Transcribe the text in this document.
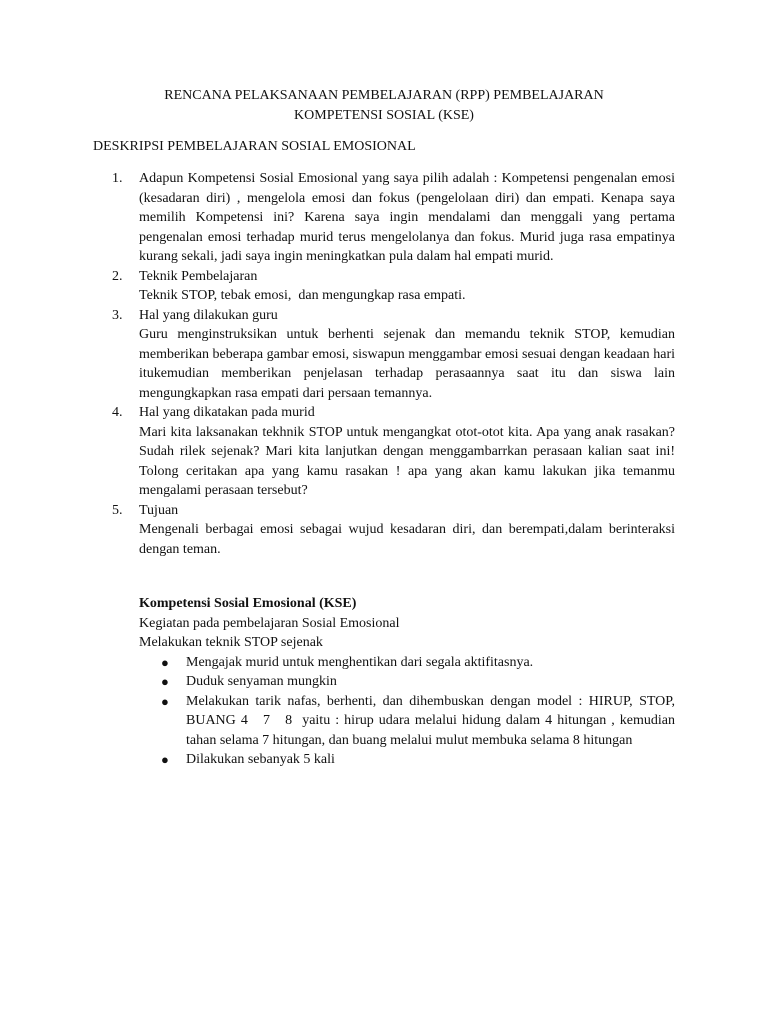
RENCANA PELAKSANAAN PEMBELAJARAN (RPP) PEMBELAJARAN
KOMPETENSI SOSIAL (KSE)
DESKRIPSI PEMBELAJARAN SOSIAL EMOSIONAL
1. Adapun Kompetensi Sosial Emosional yang saya pilih adalah : Kompetensi pengenalan emosi (kesadaran diri) , mengelola emosi dan fokus (pengelolaan diri) dan empati. Kenapa saya memilih Kompetensi ini? Karena saya ingin mendalami dan menggali yang pertama pengenalan emosi terhadap murid terus mengelolanya dan fokus. Murid juga rasa empatinya kurang sekali, jadi saya ingin meningkatkan pula dalam hal empati murid.
2. Teknik Pembelajaran
Teknik STOP, tebak emosi,  dan mengungkap rasa empati.
3. Hal yang dilakukan guru
Guru menginstruksikan untuk berhenti sejenak dan memandu teknik STOP, kemudian memberikan beberapa gambar emosi, siswapun menggambar emosi sesuai dengan keadaan hari itukemudian memberikan penjelasan terhadap perasaannya saat itu dan siswa lain mengungkapkan rasa empati dari persaan temannya.
4. Hal yang dikatakan pada murid
Mari kita laksanakan tekhnik STOP untuk mengangkat otot-otot kita. Apa yang anak rasakan? Sudah rilek sejenak? Mari kita lanjutkan dengan menggambarrkan perasaan kalian saat ini! Tolong ceritakan apa yang kamu rasakan ! apa yang akan kamu lakukan jika temanmu mengalami perasaan tersebut?
5. Tujuan
Mengenali berbagai emosi sebagai wujud kesadaran diri, dan berempati,dalam berinteraksi dengan teman.
Kompetensi Sosial Emosional (KSE)
Kegiatan pada pembelajaran Sosial Emosional
Melakukan teknik STOP sejenak
● Mengajak murid untuk menghentikan dari segala aktifitasnya.
● Duduk senyaman mungkin
● Melakukan tarik nafas, berhenti, dan dihembuskan dengan model : HIRUP, STOP, BUANG 4   7   8  yaitu : hirup udara melalui hidung dalam 4 hitungan , kemudian tahan selama 7 hitungan, dan buang melalui mulut membuka selama 8 hitungan
● Dilakukan sebanyak 5 kali
